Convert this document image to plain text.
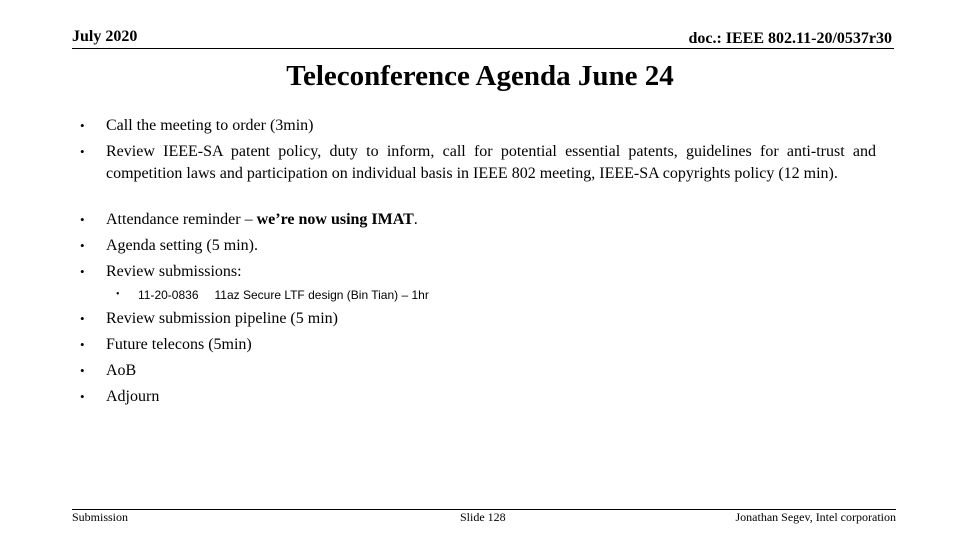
July 2020	doc.: IEEE 802.11-20/0537r30
Teleconference Agenda June 24
• Call the meeting to order (3min)
• Review IEEE-SA patent policy, duty to inform, call for potential essential patents, guidelines for anti-trust and competition laws and participation on individual basis in IEEE 802 meeting, IEEE-SA copyrights policy (12 min).
• Attendance reminder – we’re now using IMAT.
• Agenda setting (5 min).
• Review submissions:
• 11-20-0836 11az Secure LTF design (Bin Tian) – 1hr
• Review submission pipeline (5 min)
• Future telecons (5min)
• AoB
• Adjourn
Submission	Slide 128	Jonathan Segev, Intel corporation
